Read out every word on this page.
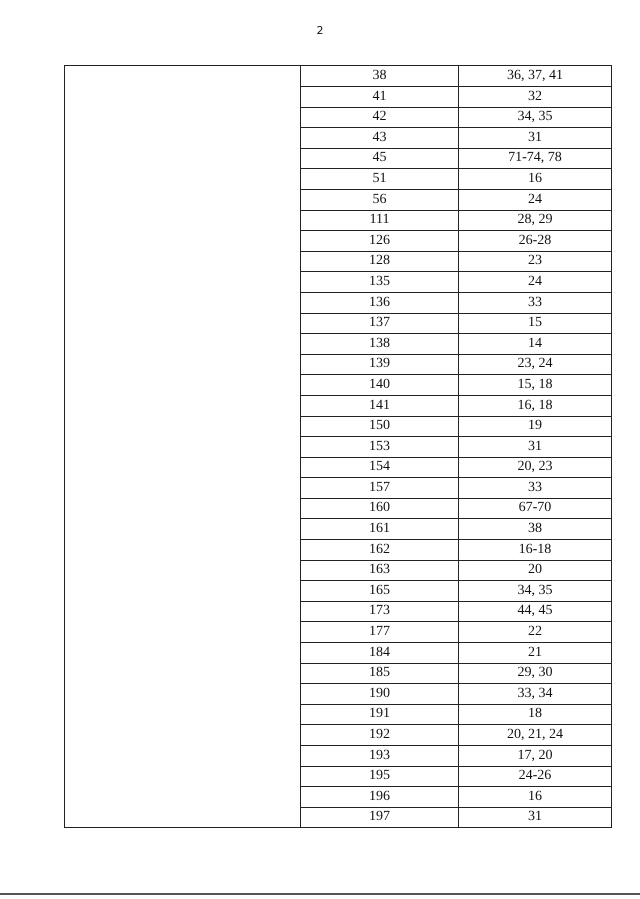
2
38	36, 37, 41
41	32
42	34, 35
43	31
45	71-74, 78
51	16
56	24
111	28, 29
126	26-28
128	23
135	24
136	33
137	15
138	14
139	23, 24
140	15, 18
141	16, 18
150	19
153	31
154	20, 23
157	33
160	67-70
161	38
162	16-18
163	20
165	34, 35
173	44, 45
177	22
184	21
185	29, 30
190	33, 34
191	18
192	20, 21, 24
193	17, 20
195	24-26
196	16
197	31
